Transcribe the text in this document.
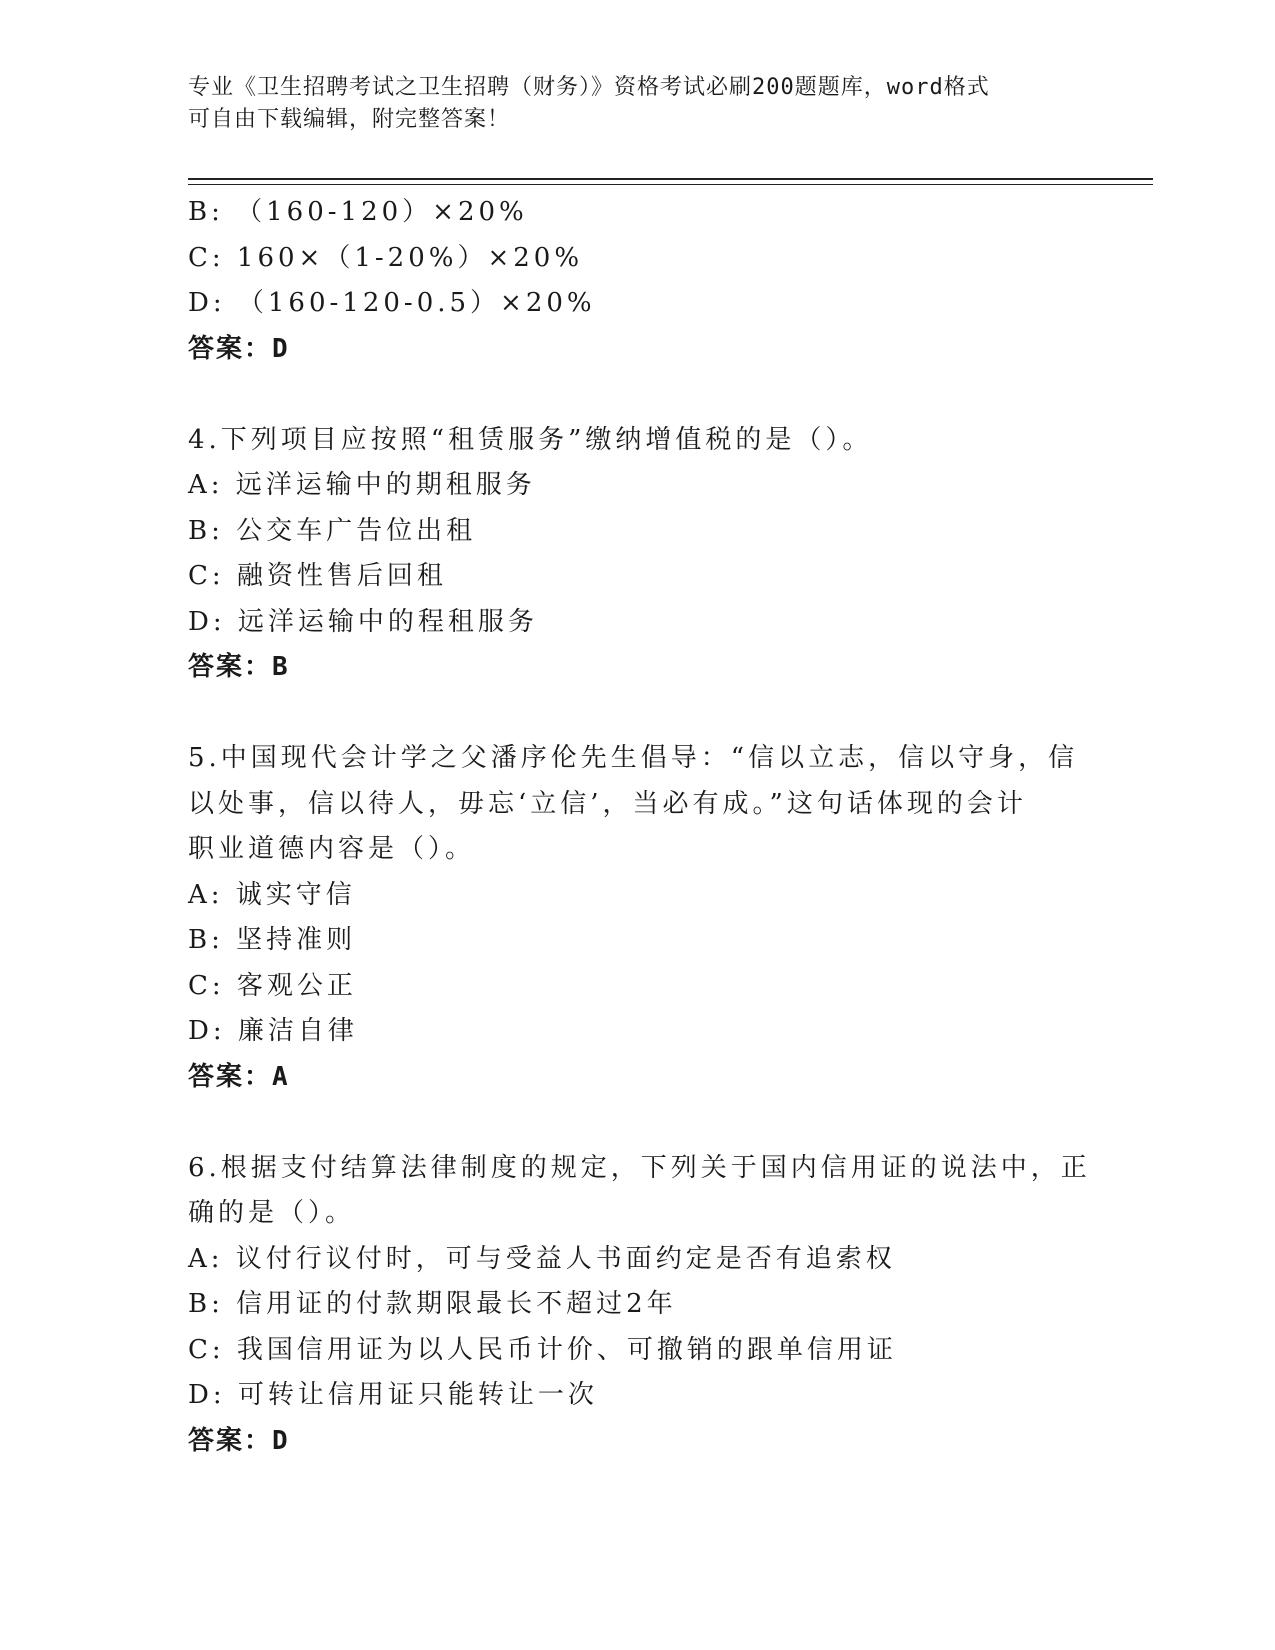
专业《卫生招聘考试之卫生招聘（财务）》资格考试必刷200题题库，word格式
可自由下载编辑，附完整答案！
B: （160-120）×20%
C: 160×（1-20%）×20%
D: （160-120-0.5）×20%
答案：D
4.下列项目应按照“租赁服务”缴纳增值税的是（）。
A: 远洋运输中的期租服务
B: 公交车广告位出租
C: 融资性售后回租
D: 远洋运输中的程租服务
答案：B
5.中国现代会计学之父潘序伦先生倡导：“信以立志，信以守身，信
以处事，信以待人，毋忘‘立信’，当必有成。”这句话体现的会计
职业道德内容是（）。
A: 诚实守信
B: 坚持准则
C: 客观公正
D: 廉洁自律
答案：A
6.根据支付结算法律制度的规定，下列关于国内信用证的说法中，正
确的是（）。
A: 议付行议付时，可与受益人书面约定是否有追索权
B: 信用证的付款期限最长不超过2年
C: 我国信用证为以人民币计价、可撤销的跟单信用证
D: 可转让信用证只能转让一次
答案：D
